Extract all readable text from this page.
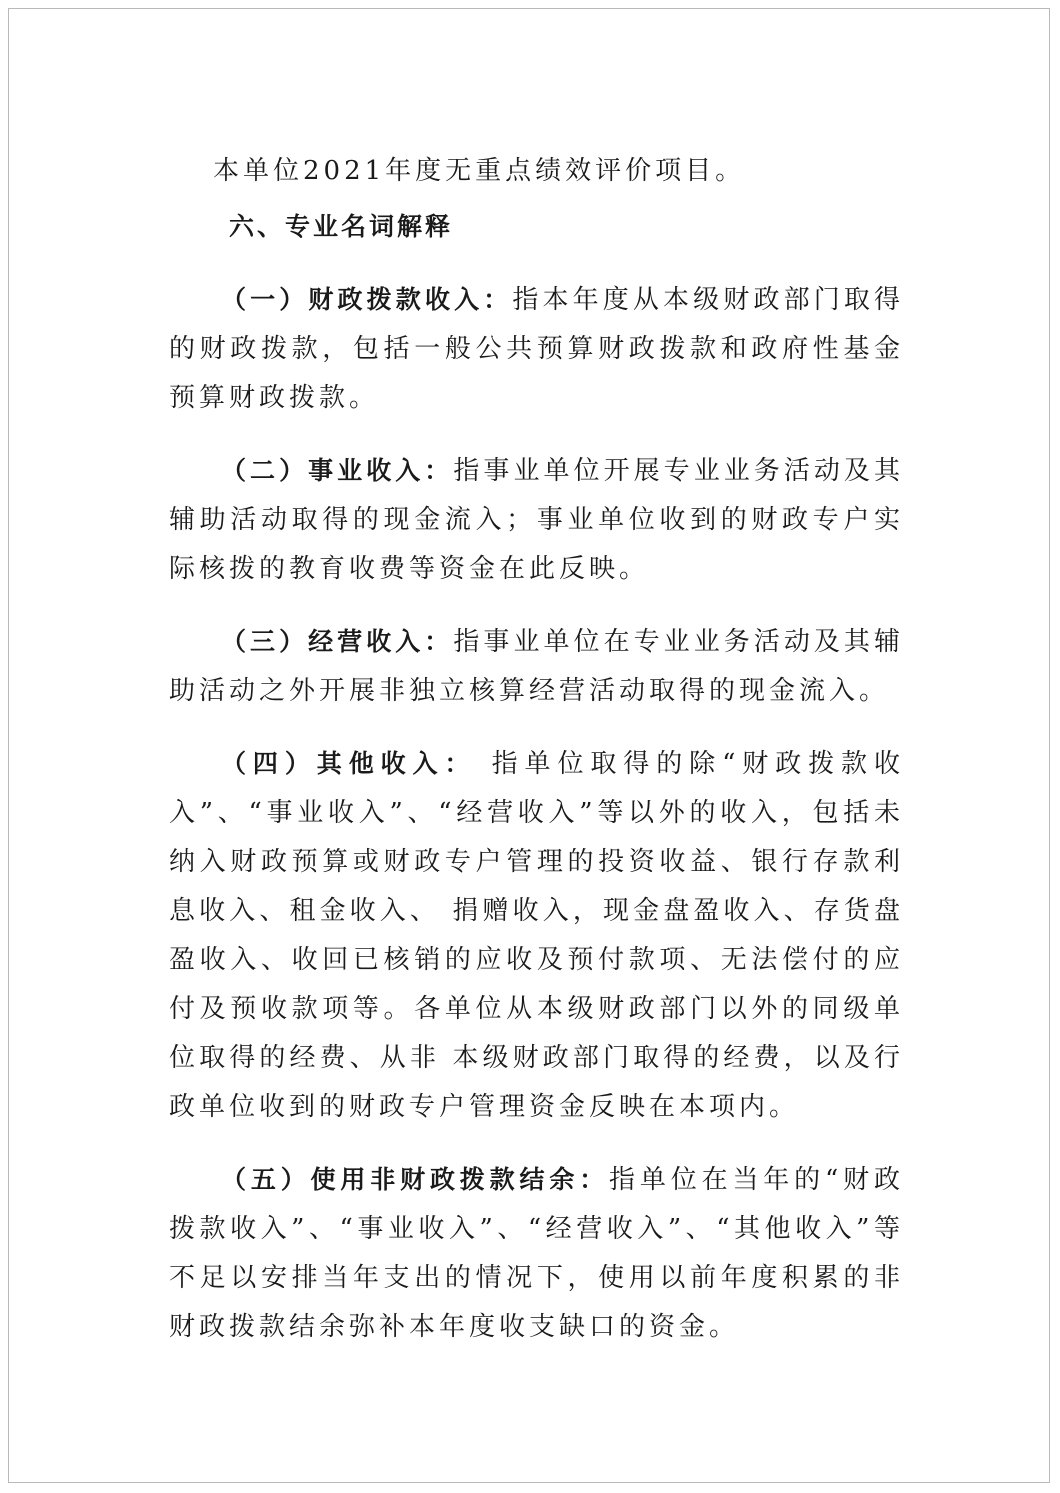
本单位2021年度无重点绩效评价项目。

六、专业名词解释

（一）财政拨款收入：指本年度从本级财政部门取得的财政拨款，包括一般公共预算财政拨款和政府性基金预算财政拨款。

（二）事业收入：指事业单位开展专业业务活动及其辅助活动取得的现金流入；事业单位收到的财政专户实际核拨的教育收费等资金在此反映。

（三）经营收入：指事业单位在专业业务活动及其辅助活动之外开展非独立核算经营活动取得的现金流入。

（四）其他收入： 指单位取得的除“财政拨款收入”、“事业收入”、“经营收入”等以外的收入，包括未纳入财政预算或财政专户管理的投资收益、银行存款利息收入、租金收入、 捐赠收入，现金盘盈收入、存货盘盈收入、收回已核销的应收及预付款项、无法偿付的应付及预收款项等。各单位从本级财政部门以外的同级单位取得的经费、从非 本级财政部门取得的经费，以及行政单位收到的财政专户管理资金反映在本项内。

（五）使用非财政拨款结余：指单位在当年的“财政拨款收入”、“事业收入”、“经营收入”、“其他收入”等不足以安排当年支出的情况下，使用以前年度积累的非财政拨款结余弥补本年度收支缺口的资金。
